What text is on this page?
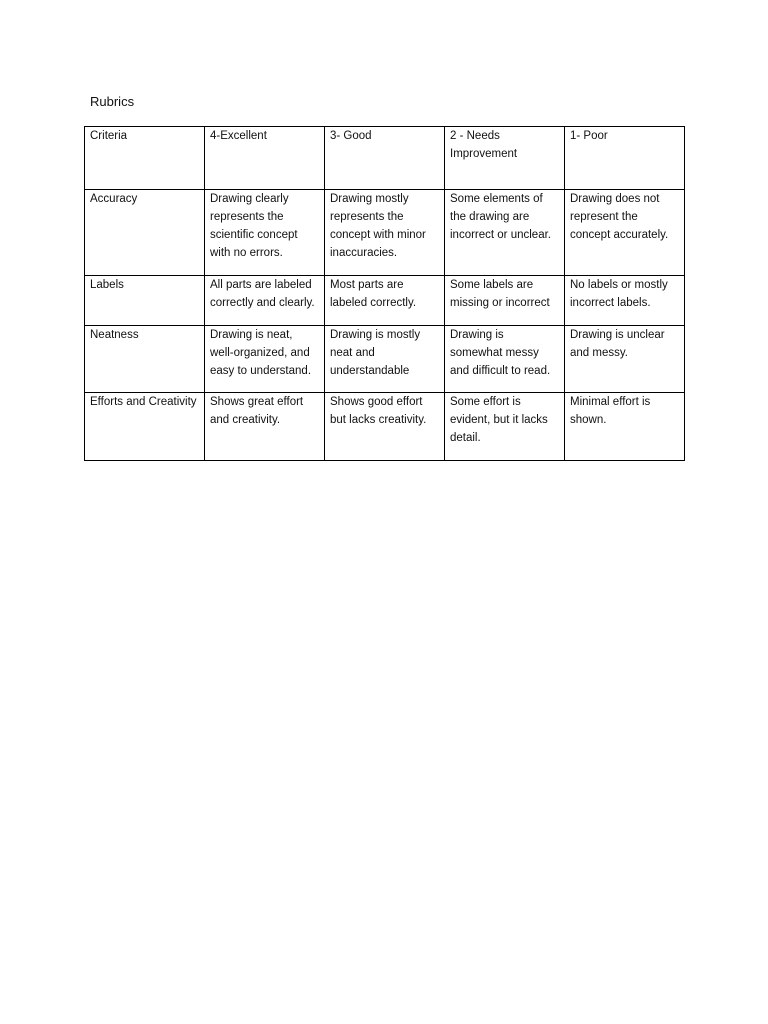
Rubrics
Criteria	4-Excellent	3- Good	2 - Needs Improvement	1- Poor

Accuracy	Drawing clearly represents the scientific concept with no errors.	Drawing mostly represents the concept with minor inaccuracies.	Some elements of the drawing are incorrect or unclear.	Drawing does not represent the concept accurately.

Labels	All parts are labeled correctly and clearly.	Most parts are labeled correctly.	Some labels are missing or incorrect	No labels or mostly incorrect labels.

Neatness	Drawing is neat, well-organized, and easy to understand.	Drawing is mostly neat and understandable	Drawing is somewhat messy and difficult to read.	Drawing is unclear and messy.

Efforts and Creativity	Shows great effort and creativity.	Shows good effort but lacks creativity.	Some effort is evident, but it lacks detail.	Minimal effort is shown.
